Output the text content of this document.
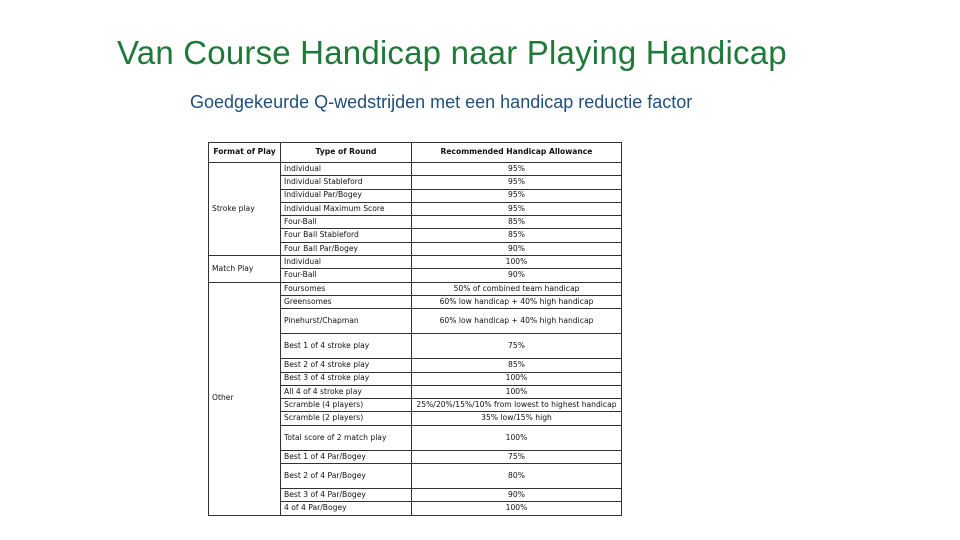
Van Course Handicap naar Playing Handicap
Goedgekeurde Q-wedstrijden met een handicap reductie factor
Format of Play	Type of Round	Recommended Handicap Allowance
Stroke play	Individual	95%
	Individual Stableford	95%
	Individual Par/Bogey	95%
	Individual Maximum Score	95%
	Four-Ball	85%
	Four Ball Stableford	85%
	Four Ball Par/Bogey	90%
Match Play	Individual	100%
	Four-Ball	90%
Other	Foursomes	50% of combined team handicap
	Greensomes	60% low handicap + 40% high handicap
	Pinehurst/Chapman	60% low handicap + 40% high handicap
	Best 1 of 4 stroke play	75%
	Best 2 of 4 stroke play	85%
	Best 3 of 4 stroke play	100%
	All 4 of 4 stroke play	100%
	Scramble (4 players)	25%/20%/15%/10% from lowest to highest handicap
	Scramble (2 players)	35% low/15% high
	Total score of 2 match play	100%
	Best 1 of 4 Par/Bogey	75%
	Best 2 of 4 Par/Bogey	80%
	Best 3 of 4 Par/Bogey	90%
	4 of 4 Par/Bogey	100%
